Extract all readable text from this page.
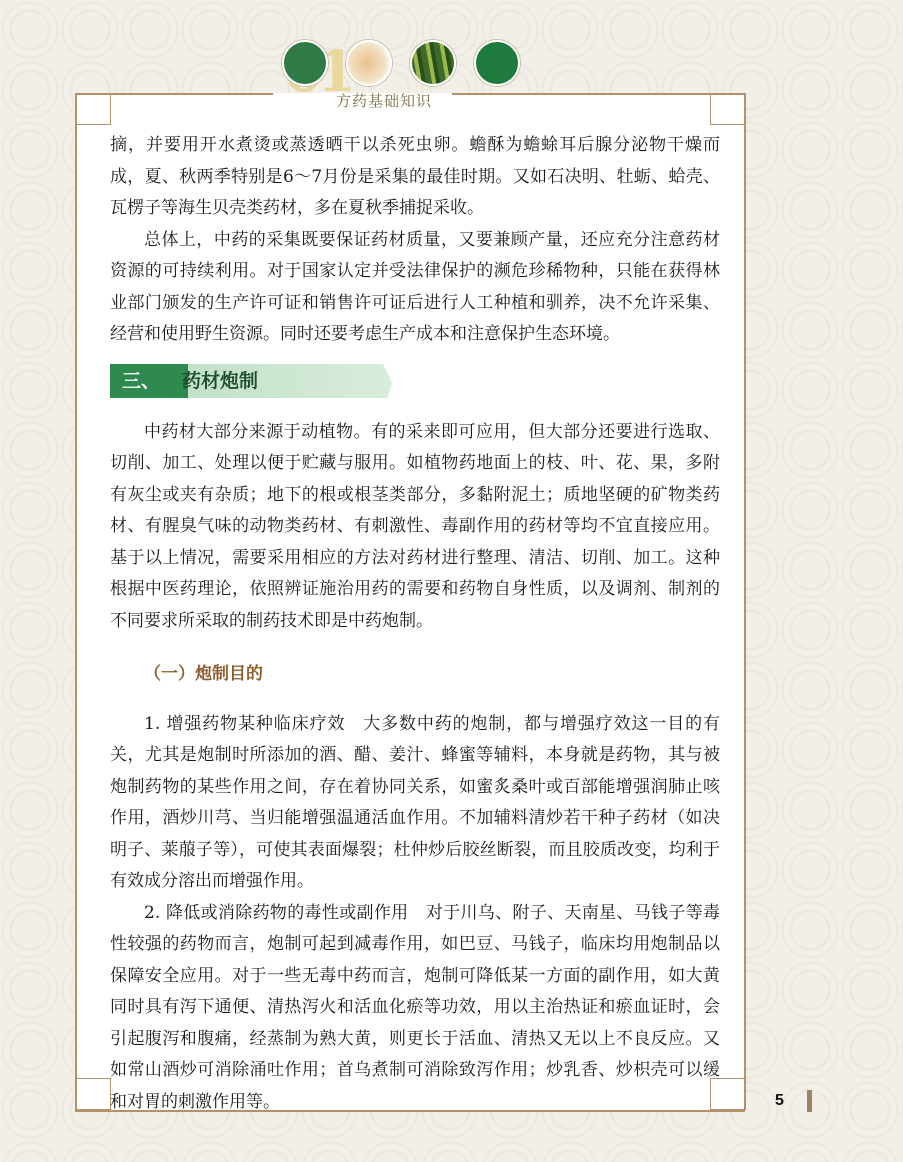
方药基础知识

摘，并要用开水煮烫或蒸透晒干以杀死虫卵。蟾酥为蟾蜍耳后腺分泌物干燥而成，夏、秋两季特别是6～7月份是采集的最佳时期。又如石决明、牡蛎、蛤壳、瓦楞子等海生贝壳类药材，多在夏秋季捕捉采收。

总体上，中药的采集既要保证药材质量，又要兼顾产量，还应充分注意药材资源的可持续利用。对于国家认定并受法律保护的濒危珍稀物种，只能在获得林业部门颁发的生产许可证和销售许可证后进行人工种植和驯养，决不允许采集、经营和使用野生资源。同时还要考虑生产成本和注意保护生态环境。

中药材大部分来源于动植物。有的采来即可应用，但大部分还要进行选取、切削、加工、处理以便于贮藏与服用。如植物药地面上的枝、叶、花、果，多附有灰尘或夹有杂质；地下的根或根茎类部分，多黏附泥土；质地坚硬的矿物类药材、有腥臭气味的动物类药材、有刺激性、毒副作用的药材等均不宜直接应用。基于以上情况，需要采用相应的方法对药材进行整理、清洁、切削、加工。这种根据中医药理论，依照辨证施治用药的需要和药物自身性质，以及调剂、制剂的不同要求所采取的制药技术即是中药炮制。

（一）炮制目的

1. 增强药物某种临床疗效　 大多数中药的炮制，都与增强疗效这一目的有关，尤其是炮制时所添加的酒、醋、姜汁、蜂蜜等辅料，本身就是药物，其与被炮制药物的某些作用之间，存在着协同关系，如蜜炙桑叶或百部能增强润肺止咳作用，酒炒川芎、当归能增强温通活血作用。不加辅料清炒若干种子药材（如决明子、莱菔子等），可使其表面爆裂；杜仲炒后胶丝断裂，而且胶质改变，均利于有效成分溶出而增强作用。

2. 降低或消除药物的毒性或副作用　 对于川乌、附子、天南星、马钱子等毒性较强的药物而言，炮制可起到减毒作用，如巴豆、马钱子，临床均用炮制品以保障安全应用。对于一些无毒中药而言，炮制可降低某一方面的副作用，如大黄同时具有泻下通便、清热泻火和活血化瘀等功效，用以主治热证和瘀血证时，会引起腹泻和腹痛，经蒸制为熟大黄，则更长于活血、清热又无以上不良反应。又如常山酒炒可消除涌吐作用；首乌煮制可消除致泻作用；炒乳香、炒枳壳可以缓和对胃的刺激作用等。

三、	药材炮制
5
